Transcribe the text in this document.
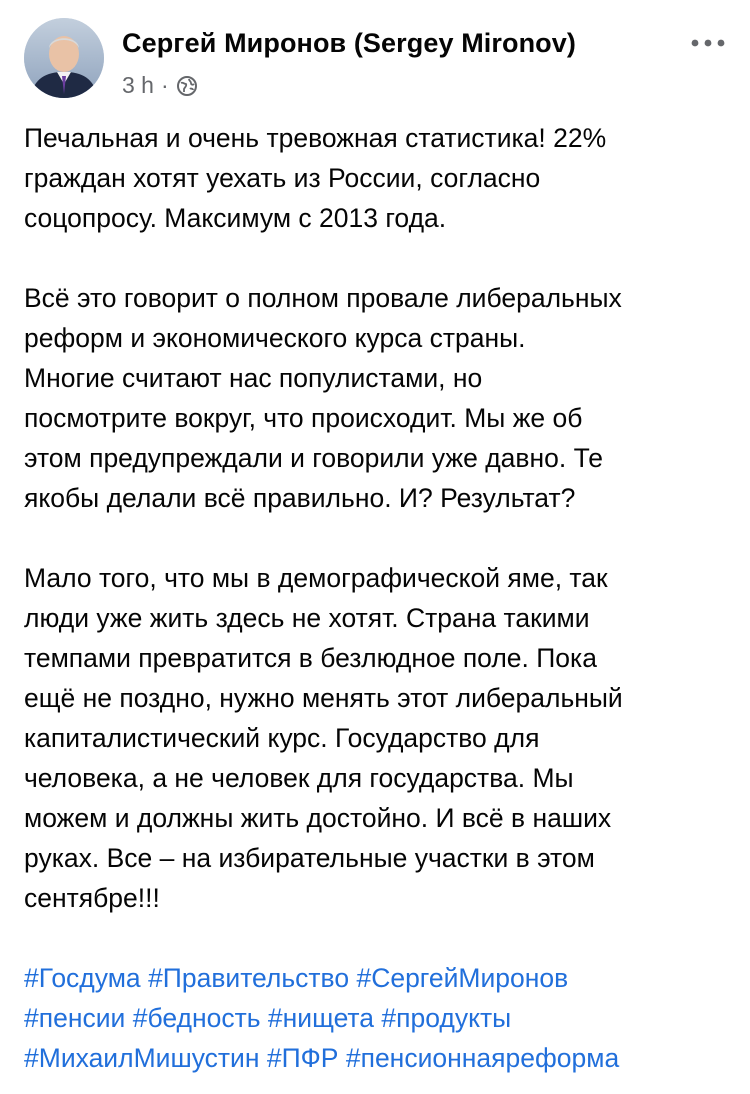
Сергей Миронов (Sergey Mironov)
3 h ·

Печальная и очень тревожная статистика! 22%
граждан хотят уехать из России, согласно
соцопросу. Максимум с 2013 года.

Всё это говорит о полном провале либеральных
реформ и экономического курса страны.
Многие считают нас популистами, но
посмотрите вокруг, что происходит. Мы же об
этом предупреждали и говорили уже давно. Те
якобы делали всё правильно. И? Результат?

Мало того, что мы в демографической яме, так
люди уже жить здесь не хотят. Страна такими
темпами превратится в безлюдное поле. Пока
ещё не поздно, нужно менять этот либеральный
капиталистический курс. Государство для
человека, а не человек для государства. Мы
можем и должны жить достойно. И всё в наших
руках. Все – на избирательные участки в этом
сентябре!!!

#Госдума #Правительство #СергейМиронов
#пенсии #бедность #нищета #продукты
#МихаилМишустин #ПФР #пенсионнаяреформа
